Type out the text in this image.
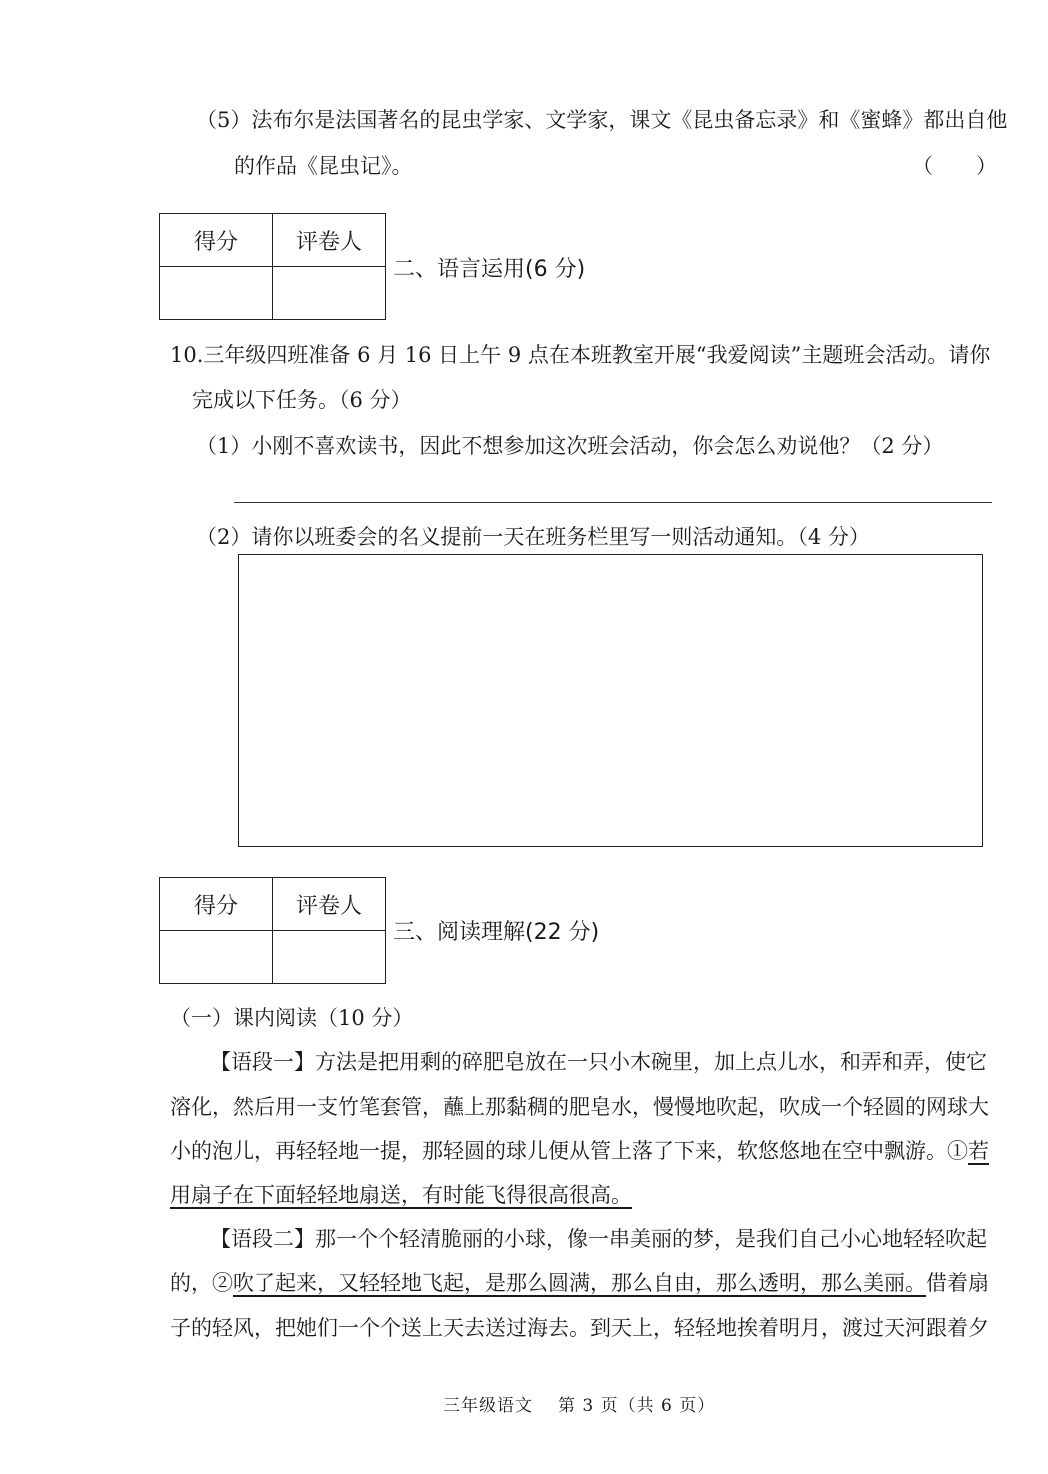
（5）法布尔是法国著名的昆虫学家、文学家，课文《昆虫备忘录》和《蜜蜂》都出自他
的作品《昆虫记》。	（ ）
得分	评卷人

二、语言运用(6 分)
10.三年级四班准备 6 月 16 日上午 9 点在本班教室开展“我爱阅读”主题班会活动。请你
完成以下任务。（6 分）
（1）小刚不喜欢读书，因此不想参加这次班会活动，你会怎么劝说他？（2 分）
（2）请你以班委会的名义提前一天在班务栏里写一则活动通知。（4 分）
得分	评卷人

三、阅读理解(22 分)
（一）课内阅读（10 分）
【语段一】方法是把用剩的碎肥皂放在一只小木碗里，加上点儿水，和弄和弄，使它
溶化，然后用一支竹笔套管，蘸上那黏稠的肥皂水，慢慢地吹起，吹成一个轻圆的网球大
小的泡儿，再轻轻地一提，那轻圆的球儿便从管上落了下来，软悠悠地在空中飘游。①若
用扇子在下面轻轻地扇送，有时能飞得很高很高。
【语段二】那一个个轻清脆丽的小球，像一串美丽的梦，是我们自己小心地轻轻吹起
的，②吹了起来，又轻轻地飞起，是那么圆满，那么自由，那么透明，那么美丽。借着扇
子的轻风，把她们一个个送上天去送过海去。到天上，轻轻地挨着明月，渡过天河跟着夕
三年级语文 第 3 页（共 6 页）
